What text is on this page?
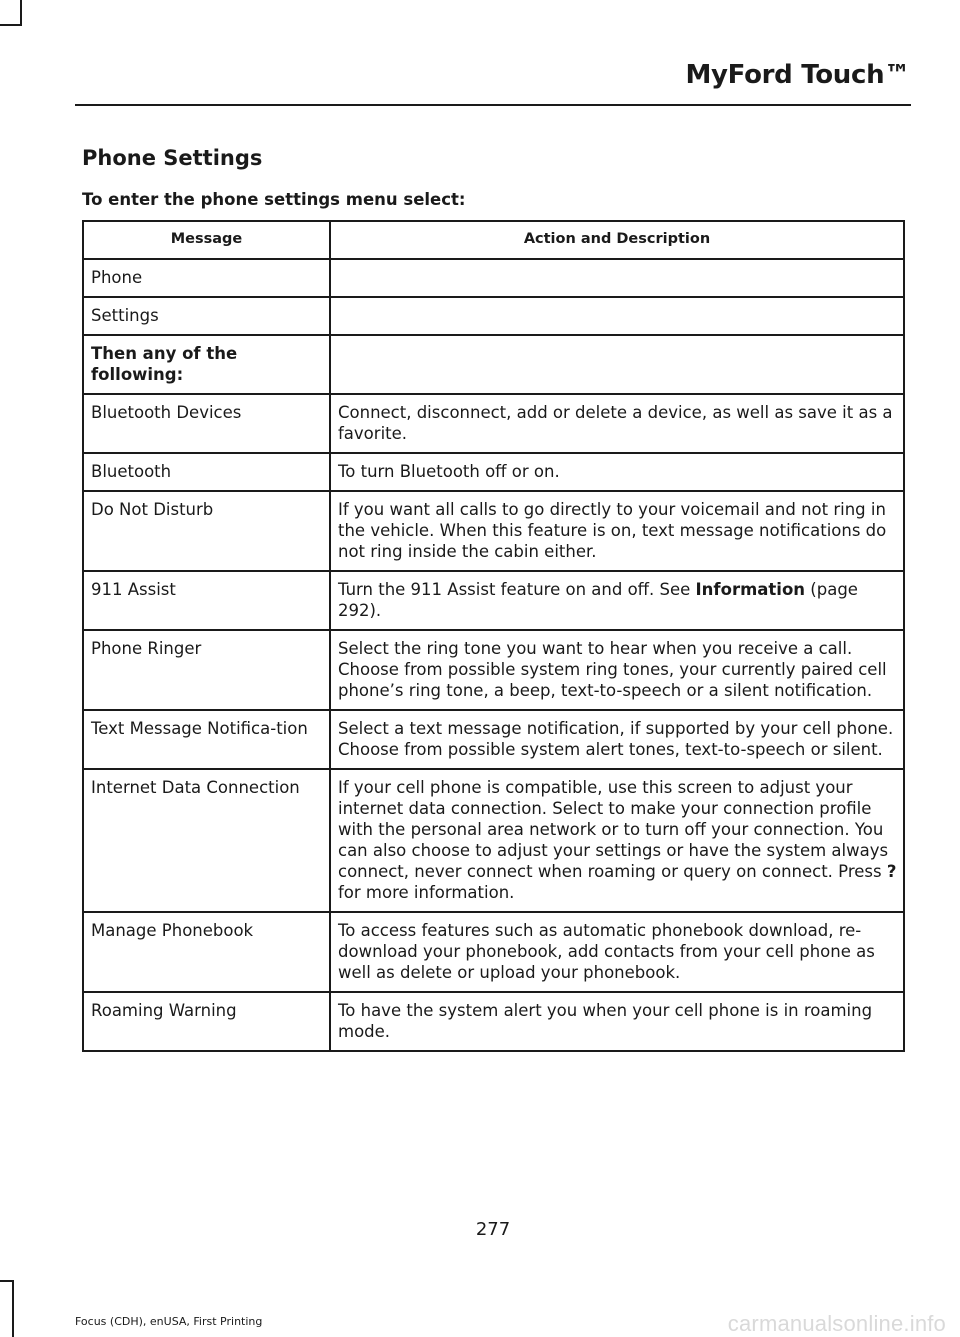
MyFord Touch™
Phone Settings
To enter the phone settings menu select:
Message	Action and Description
Phone	
Settings	
Then any of the following:	
Bluetooth Devices	Connect, disconnect, add or delete a device, as well as save it as a favorite.
Bluetooth	To turn Bluetooth off or on.
Do Not Disturb	If you want all calls to go directly to your voicemail and not ring in the vehicle. When this feature is on, text message notifications do not ring inside the cabin either.
911 Assist	Turn the 911 Assist feature on and off. See Information (page 292).
Phone Ringer	Select the ring tone you want to hear when you receive a call. Choose from possible system ring tones, your currently paired cell phone’s ring tone, a beep, text-to-speech or a silent notification.
Text Message Notifica-tion	Select a text message notification, if supported by your cell phone. Choose from possible system alert tones, text-to-speech or silent.
Internet Data Connection	If your cell phone is compatible, use this screen to adjust your internet data connection. Select to make your connection profile with the personal area network or to turn off your connection. You can also choose to adjust your settings or have the system always connect, never connect when roaming or query on connect. Press ? for more information.
Manage Phonebook	To access features such as automatic phonebook download, re-download your phonebook, add contacts from your cell phone as well as delete or upload your phonebook.
Roaming Warning	To have the system alert you when your cell phone is in roaming mode.
277
Focus (CDH), enUSA, First Printing	carmanualsonline.info
